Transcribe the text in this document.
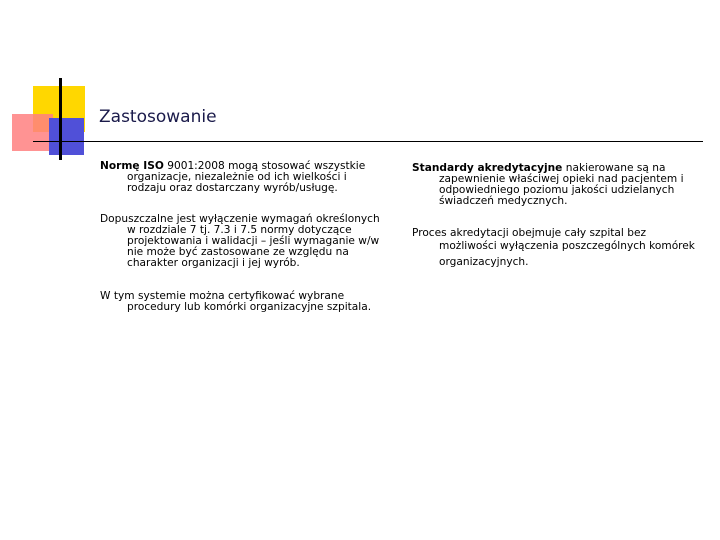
Zastosowanie

Normę ISO 9001:2008 mogą stosować wszystkie
organizacje, niezależnie od ich wielkości i
rodzaju oraz dostarczany wyrób/usługę.

Dopuszczalne jest wyłączenie wymagań określonych
w rozdziale 7 tj. 7.3 i 7.5 normy dotyczące
projektowania i walidacji – jeśli wymaganie w/w
nie może być zastosowane ze względu na
charakter organizacji i jej wyrób.

W tym systemie można certyfikować wybrane
procedury lub komórki organizacyjne szpitala.

Standardy akredytacyjne nakierowane są na
zapewnienie właściwej opieki nad pacjentem i
odpowiedniego poziomu jakości udzielanych
świadczeń medycznych.

Proces akredytacji obejmuje cały szpital bez
możliwości wyłączenia poszczególnych komórek
organizacyjnych.
